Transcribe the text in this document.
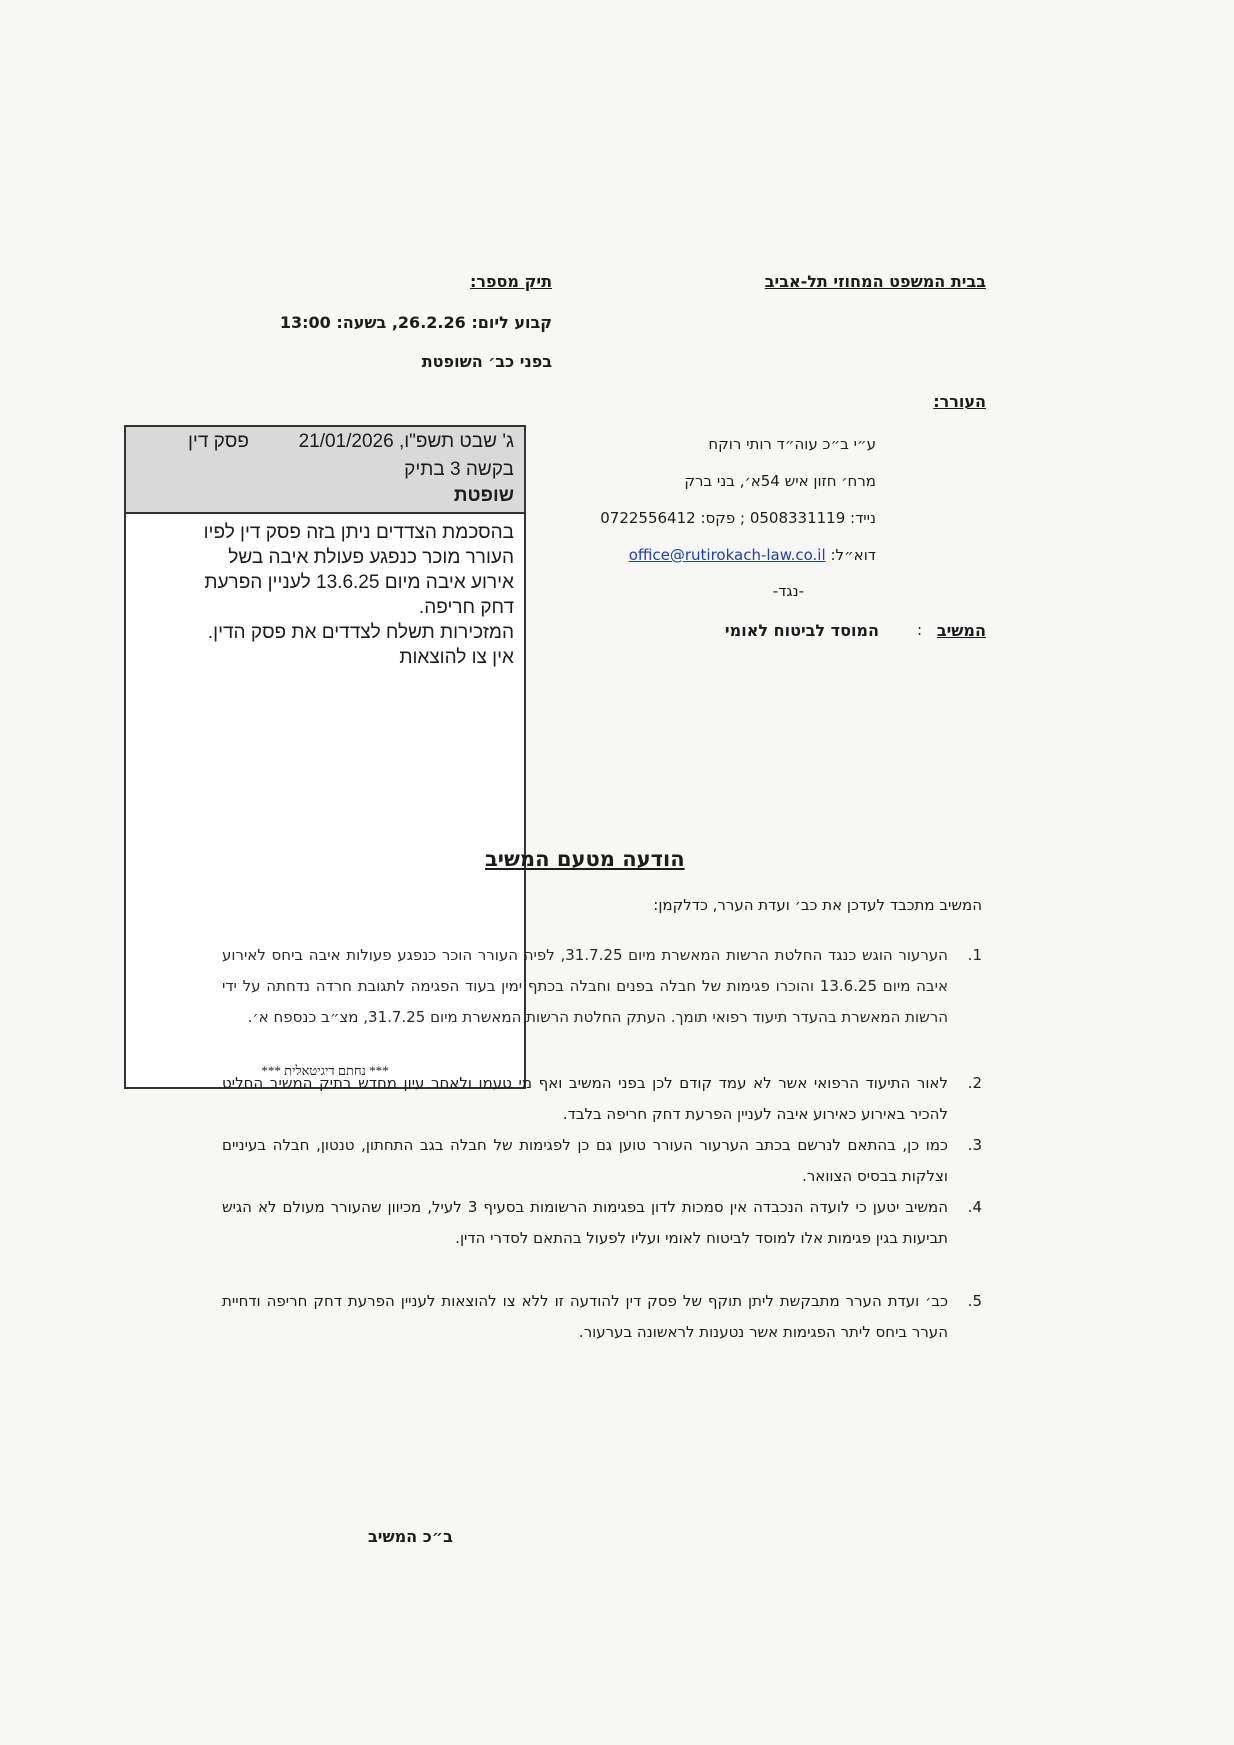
בבית המשפט המחוזי תל-אביב
תיק מספר:
קבוע ליום: 26.2.26, בשעה: 13:00
בפני כב׳ השופטת
העורר:
ע״י ב״כ עוה״ד רותי רוקח
מרח׳ חזון איש 54א׳, בני ברק
נייד: 0508331119 ; פקס: 0722556412
דוא״ל: office@rutirokach-law.co.il
-נגד-
המשיב
:
המוסד לביטוח לאומי
ג' שבט תשפ"ו, 21/01/2026
פסק דין
בקשה 3 בתיק
שופטת
בהסכמת הצדדים ניתן בזה פסק דין לפיו
העורר מוכר כנפגע פעולת איבה בשל
אירוע איבה מיום 13.6.25 לעניין הפרעת
דחק חריפה.
המזכירות תשלח לצדדים את פסק הדין.
אין צו להוצאות
*** נחתם דיגיטאלית ***
הודעה מטעם המשיב
המשיב מתכבד לעדכן את כב׳ ועדת הערר, כדלקמן:
1.
הערעור הוגש כנגד החלטת הרשות המאשרת מיום 31.7.25, לפיה העורר הוכר כנפגע פעולות איבה ביחס לאירוע איבה מיום 13.6.25 והוכרו פגימות של חבלה בפנים וחבלה בכתף ימין בעוד הפגימה לתגובת חרדה נדחתה על ידי הרשות המאשרת בהעדר תיעוד רפואי תומך. העתק החלטת הרשות המאשרת מיום 31.7.25, מצ״ב כנספח א׳.
2.
לאור התיעוד הרפואי אשר לא עמד קודם לכן בפני המשיב ואף מי טעמו ולאחר עיון מחדש בתיק המשיב החליט להכיר באירוע כאירוע איבה לעניין הפרעת דחק חריפה בלבד.
3.
כמו כן, בהתאם לנרשם בכתב הערעור העורר טוען גם כן לפגימות של חבלה בגב התחתון, טנטון, חבלה בעיניים וצלקות בבסיס הצוואר.
4.
המשיב יטען כי לועדה הנכבדה אין סמכות לדון בפגימות הרשומות בסעיף 3 לעיל, מכיוון שהעורר מעולם לא הגיש תביעות בגין פגימות אלו למוסד לביטוח לאומי ועליו לפעול בהתאם לסדרי הדין.
5.
כב׳ ועדת הערר מתבקשת ליתן תוקף של פסק דין להודעה זו ללא צו להוצאות לעניין הפרעת דחק חריפה ודחיית הערר ביחס ליתר הפגימות אשר נטענות לראשונה בערעור.
ב״כ המשיב
